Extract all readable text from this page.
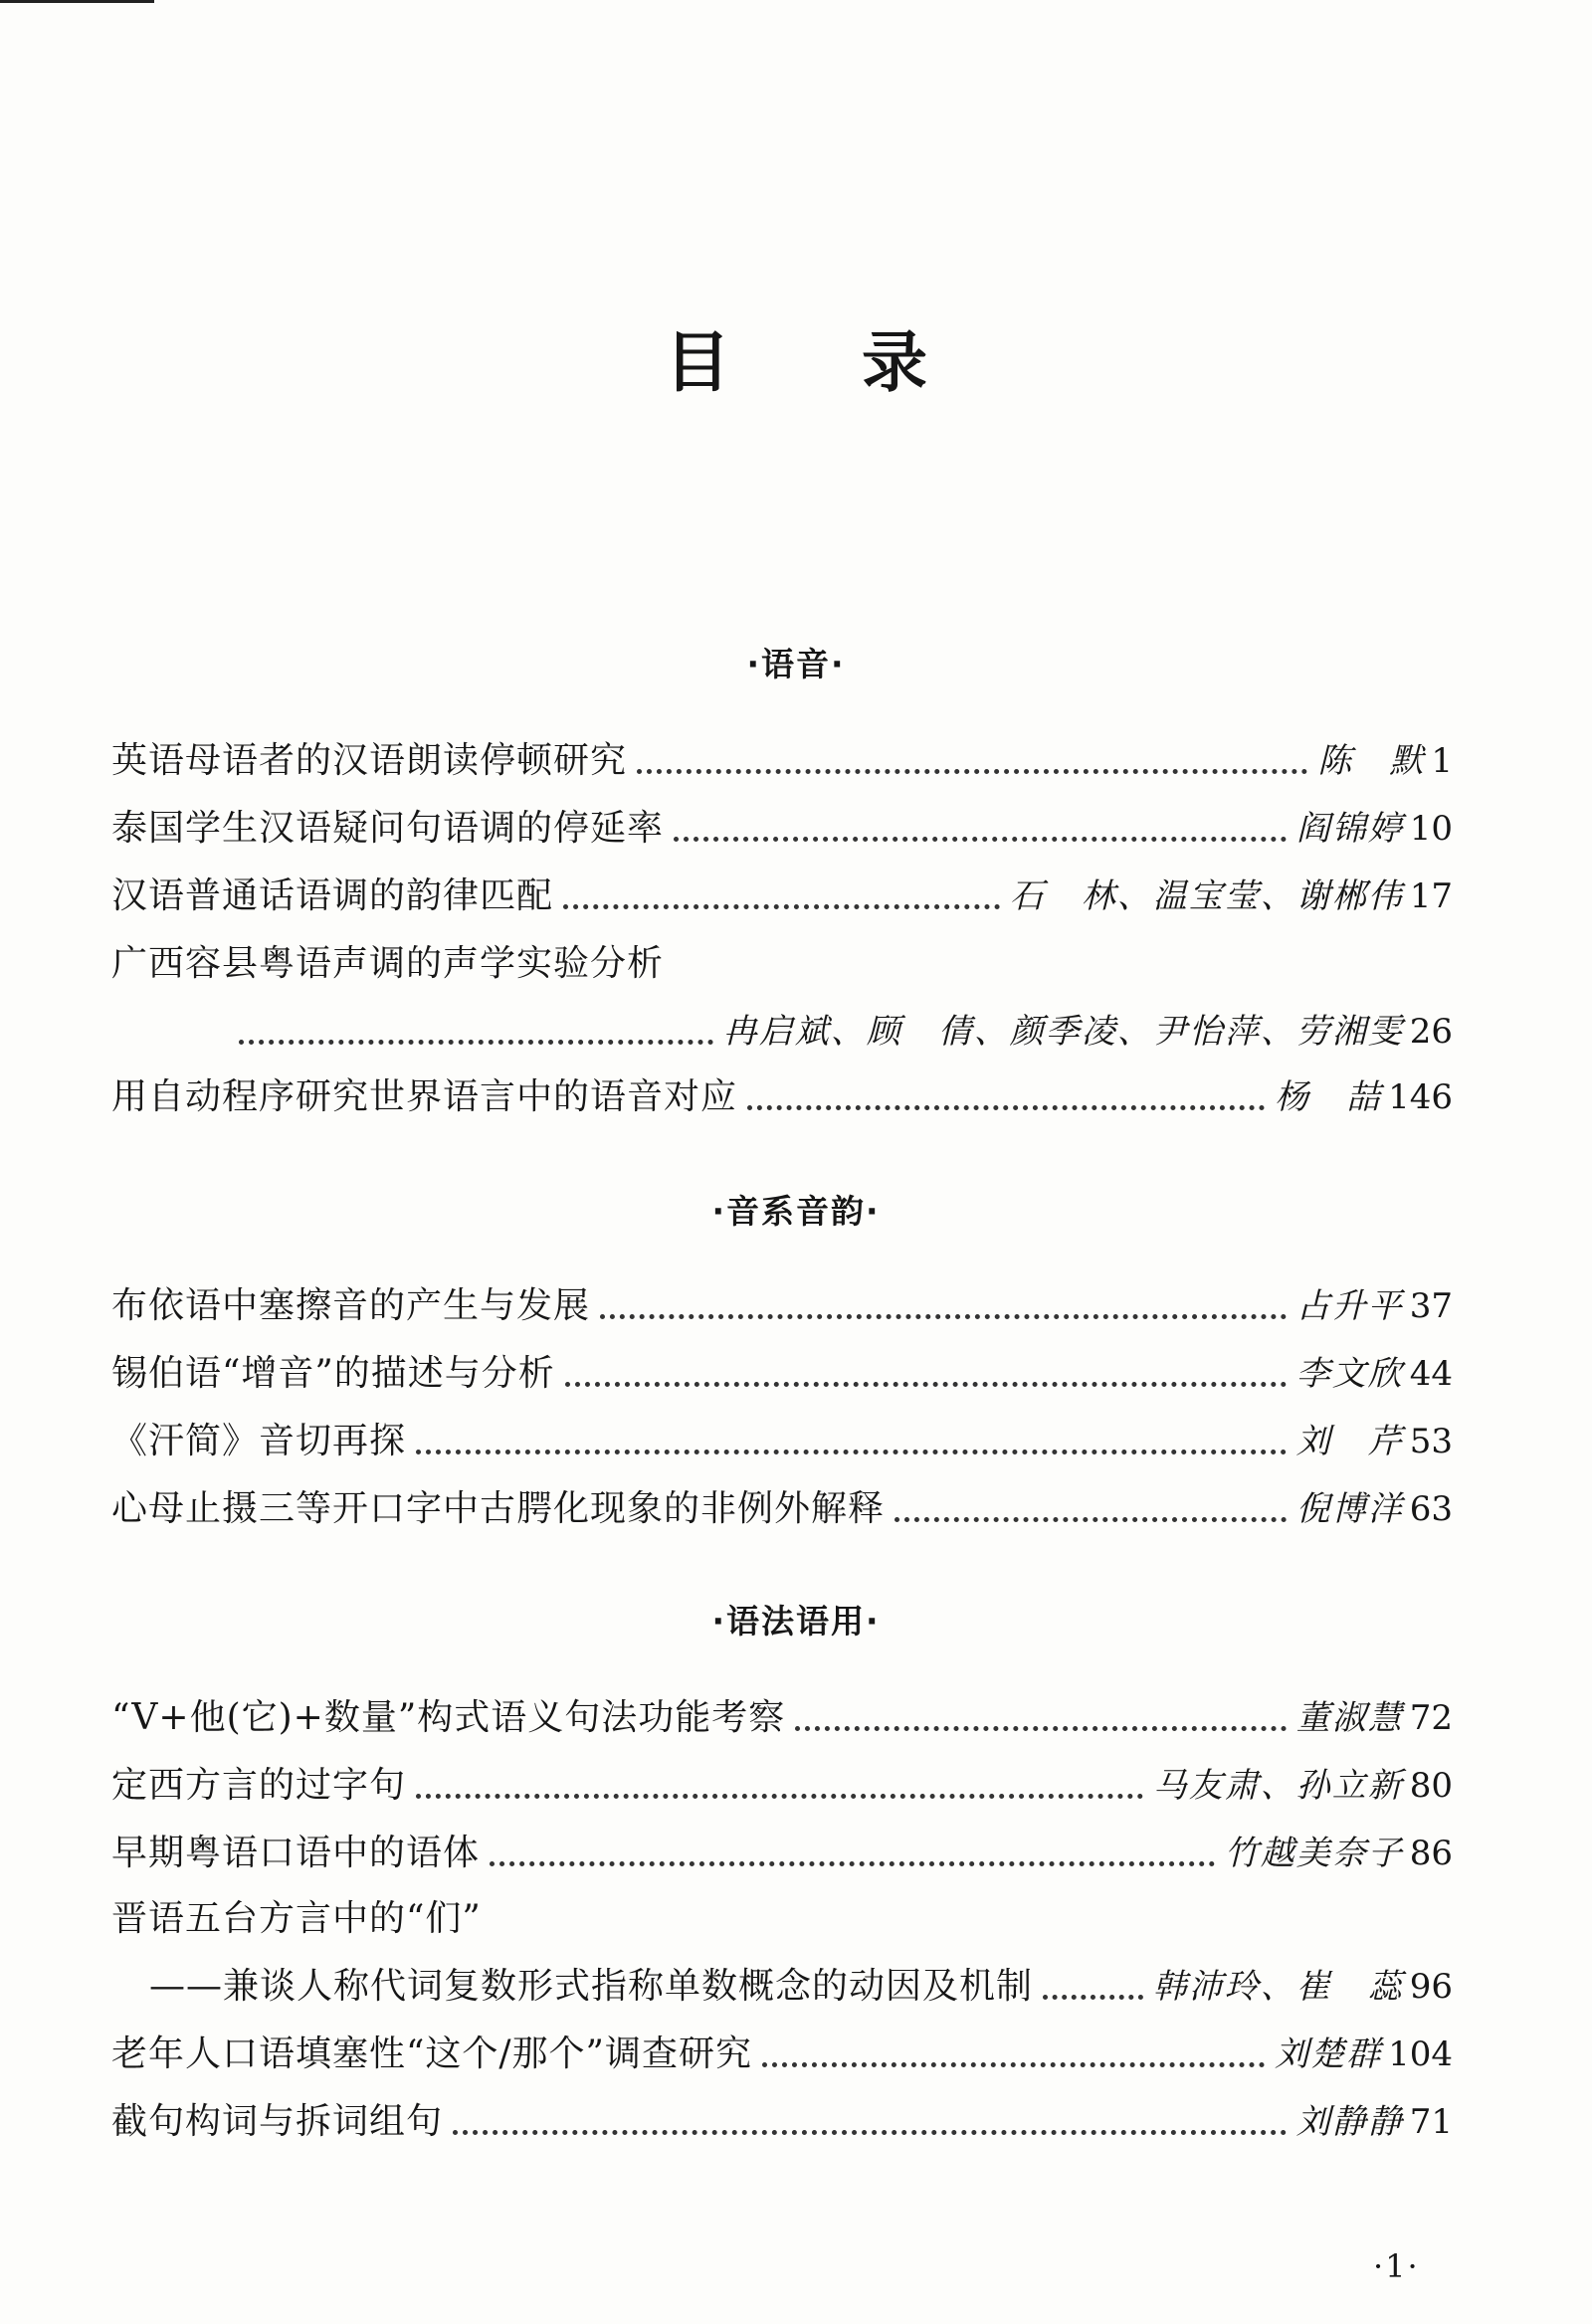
目录
·语音·
英语母语者的汉语朗读停顿研究	陈　默 1
泰国学生汉语疑问句语调的停延率	阎锦婷 10
汉语普通话语调的韵律匹配	石　林、温宝莹、谢郴伟 17
广西容县粤语声调的声学实验分析
冉启斌、顾　倩、颜季凌、尹怡萍、劳湘雯 26
用自动程序研究世界语言中的语音对应	杨　喆 146
·音系音韵·
布依语中塞擦音的产生与发展	占升平 37
锡伯语“增音”的描述与分析	李文欣 44
《汗简》音切再探	刘　芹 53
心母止摄三等开口字中古腭化现象的非例外解释	倪博洋 63
·语法语用·
“V+他(它)+数量”构式语义句法功能考察	董淑慧 72
定西方言的过字句	马友肃、孙立新 80
早期粤语口语中的语体	竹越美奈子 86
晋语五台方言中的“们”
——兼谈人称代词复数形式指称单数概念的动因及机制	韩沛玲、崔　蕊 96
老年人口语填塞性“这个/那个”调查研究	刘楚群 104
截句构词与拆词组句	刘静静 71
·1·
